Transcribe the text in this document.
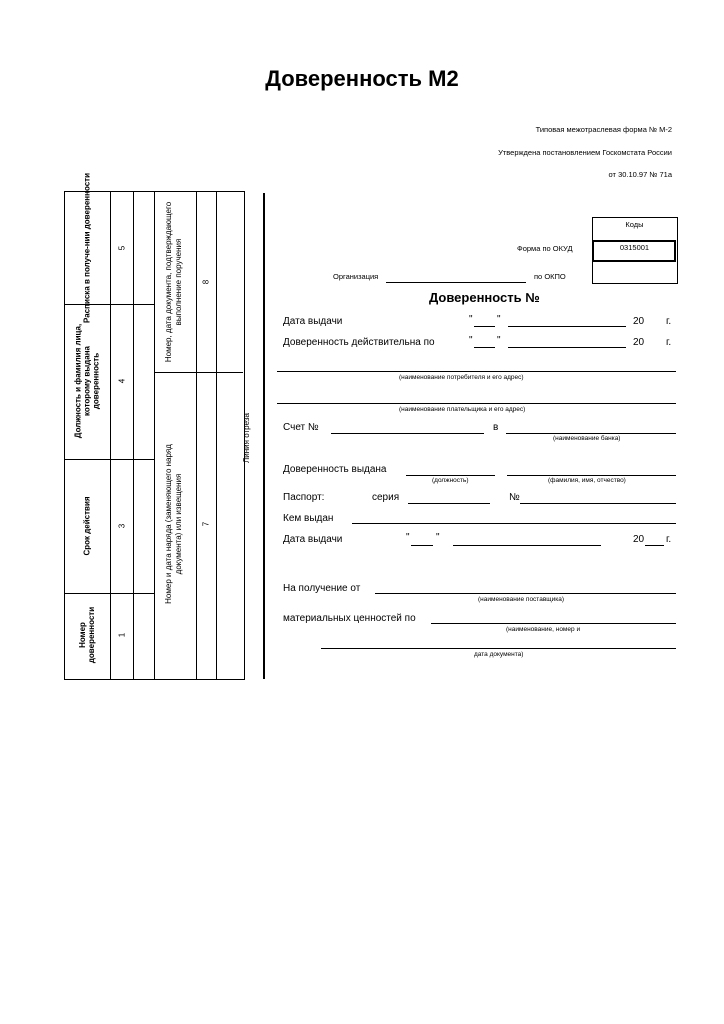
Доверенность М2
Типовая межотраслевая форма № М-2
Утверждена постановлением Госкомстата России
от 30.10.97 № 71а
Расписка в получе-нии доверенности	5
Должность и фамилия лица, которому выдана доверенность 4
Срок действия	3
Номер доверенности	1
Номер, дата документа, подтверждающего выполнение поручения 8
Номер и дата наряда (заменяющего наряд документа) или извещения 7
Линия отреза
Коды
0315001
Форма по ОКУД
Организация	по ОКПО
Доверенность №
Дата выдачи	" "	20 г.
Доверенность действительна по	" "	20 г.
(наименование потребителя и его адрес)
(наименование плательщика и его адрес)
Счет №	в
(наименование банка)
Доверенность выдана
(должность)	(фамилия, имя, отчество)
Паспорт:	серия	№
Кем выдан
Дата выдачи	"	"	20 г.
На получение от
(наименование поставщика)
материальных ценностей по
(наименование, номер и
дата документа)
